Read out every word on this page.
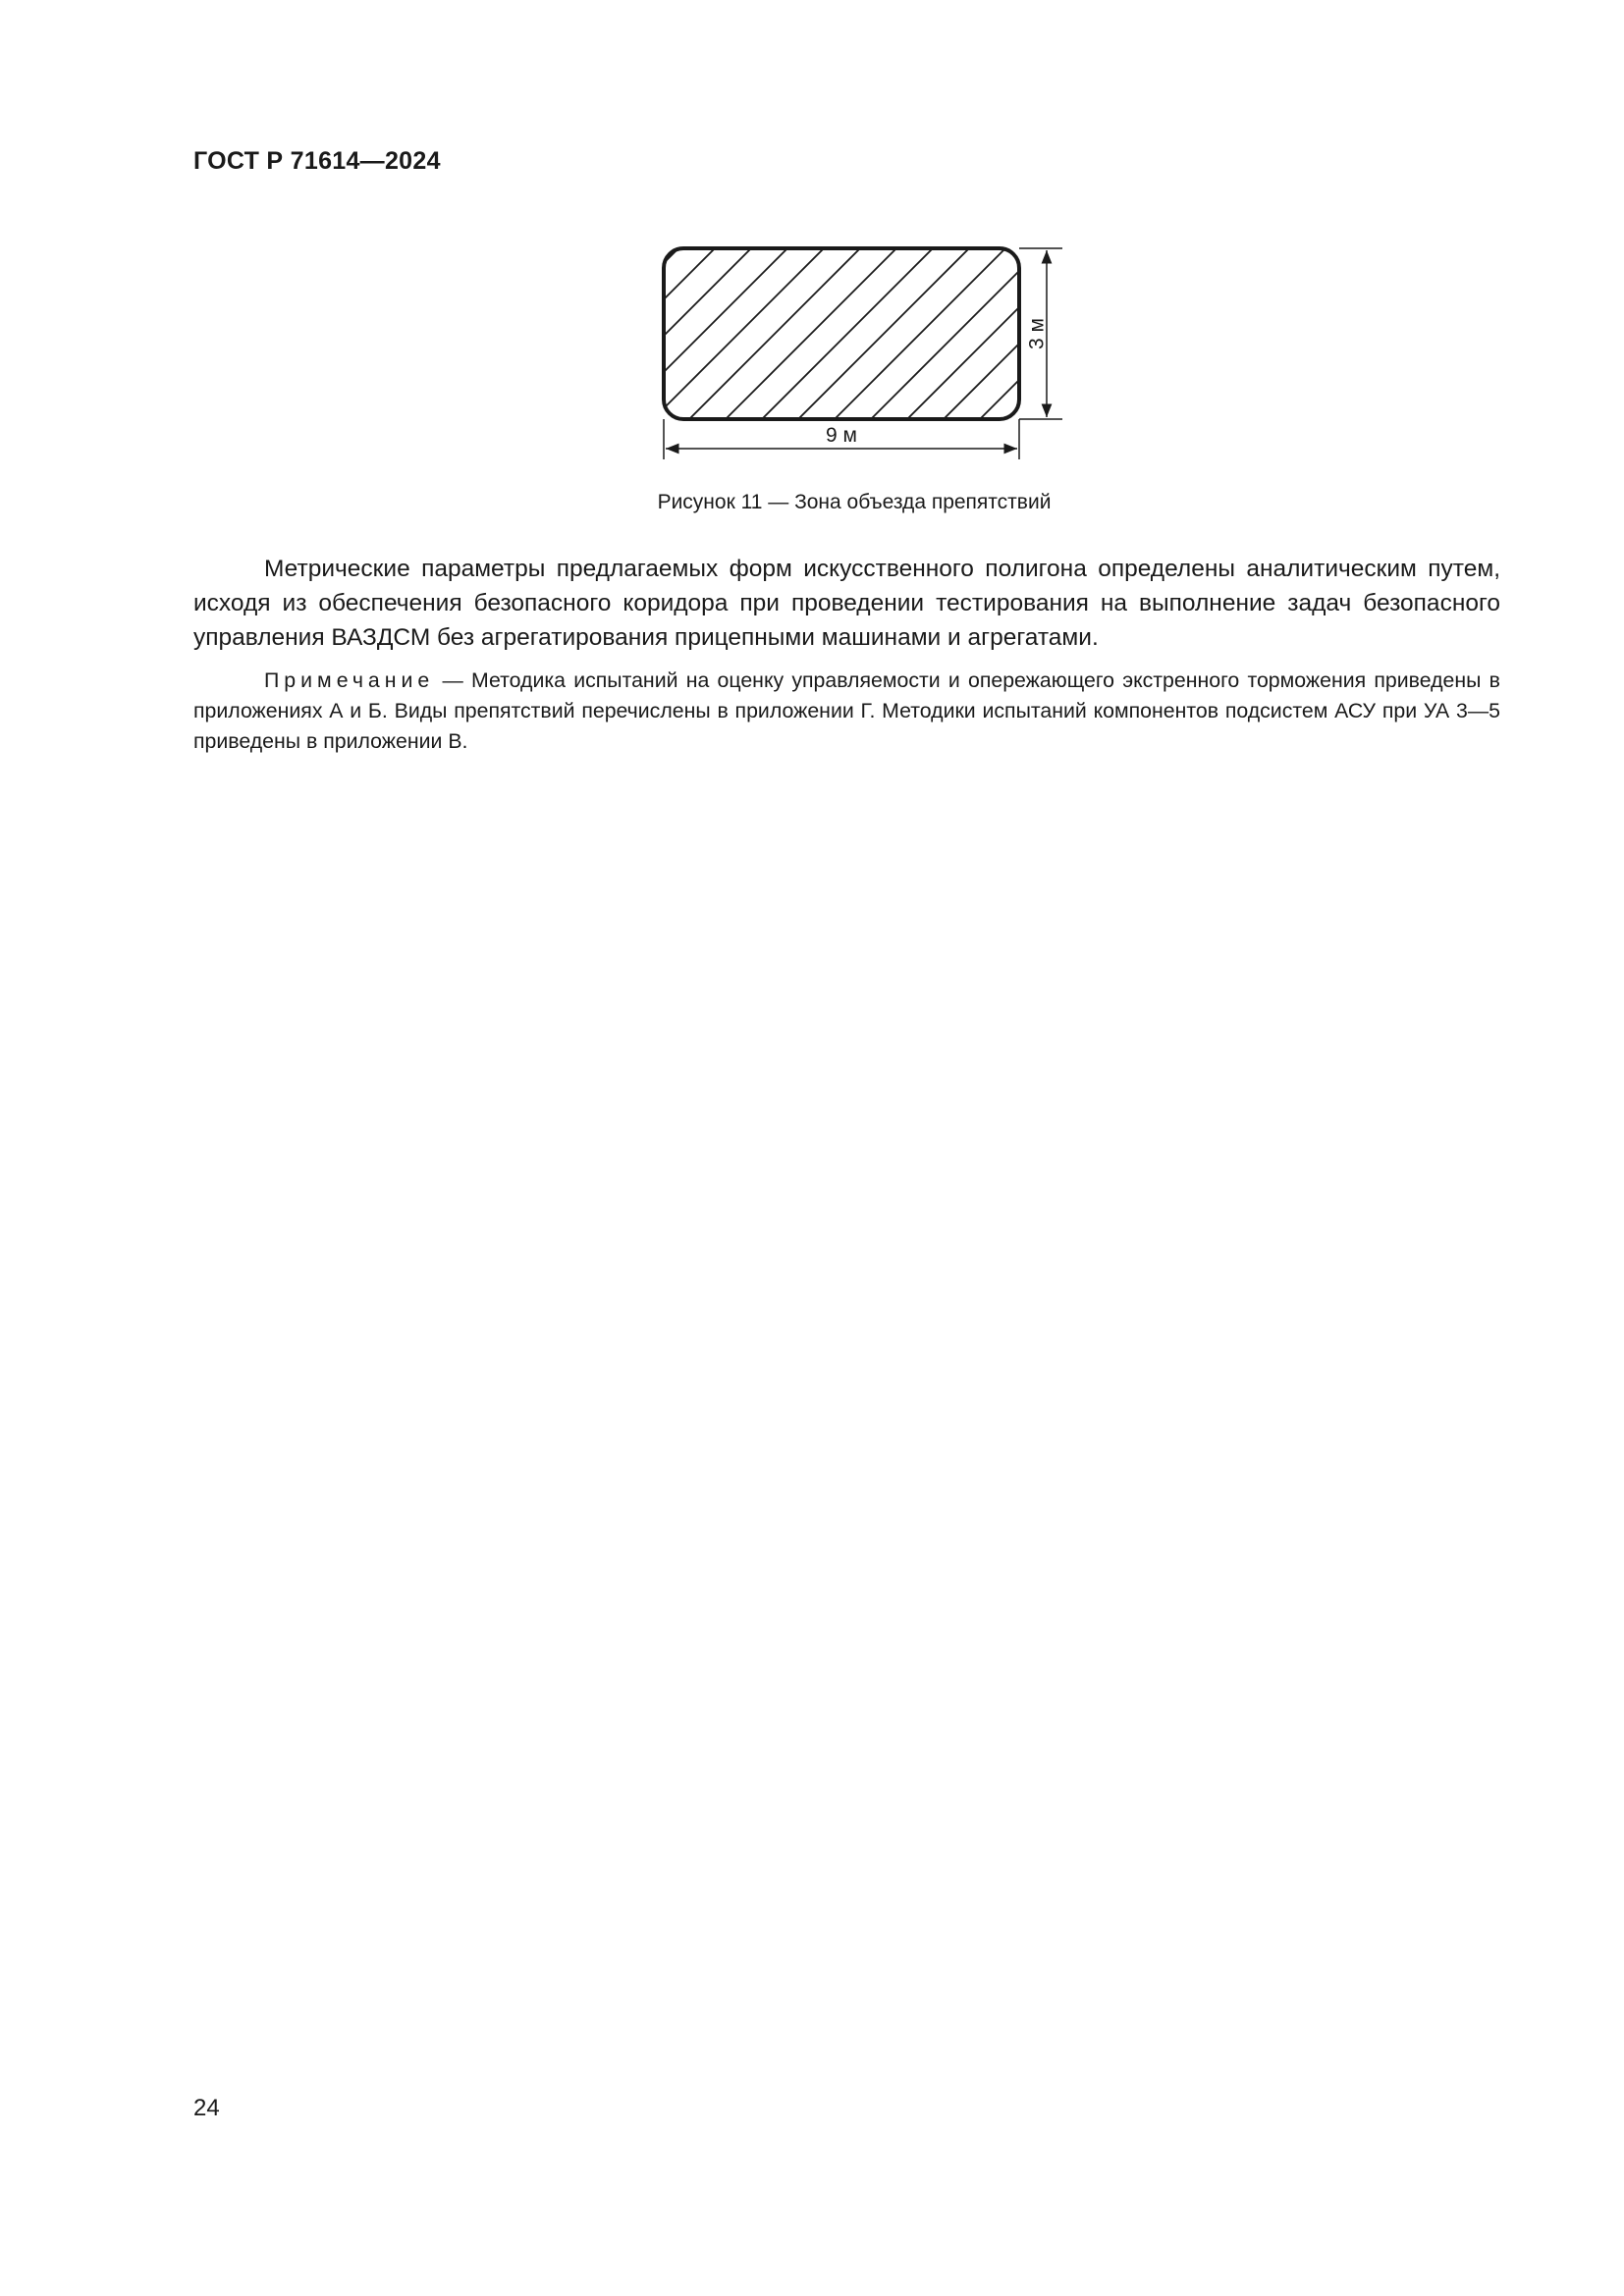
ГОСТ Р 71614—2024
3 м
9 м
Рисунок 11 — Зона объезда препятствий

Метрические параметры предлагаемых форм искусственного полигона определены аналитическим путем, исходя из обеспечения безопасного коридора при проведении тестирования на выполнение задач безопасного управления ВАЗДСМ без агрегатирования прицепными машинами и агрегатами.

Примечание — Методика испытаний на оценку управляемости и опережающего экстренного торможения приведены в приложениях А и Б. Виды препятствий перечислены в приложении Г. Методики испытаний компонентов подсистем АСУ при УА 3—5 приведены в приложении В.

24
